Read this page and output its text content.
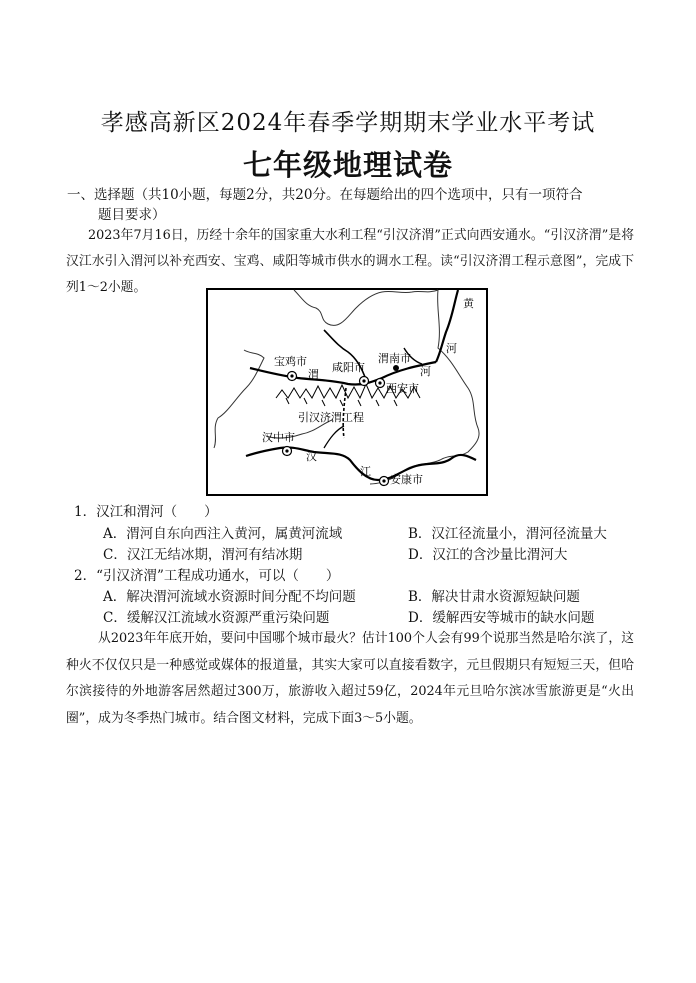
孝感高新区2024年春季学期期末学业水平考试
七年级地理试卷
一、选择题（共10小题，每题2分，共20分。在每题给出的四个选项中，只有一项符合
题目要求）
2023年7月16日，历经十余年的国家重大水利工程“引汉济渭”正式向西安通水。“引汉济渭”是将汉江水引入渭河以补充西安、宝鸡、咸阳等城市供水的调水工程。读“引汉济渭工程示意图”，完成下列1～2小题。
黄
河
宝鸡市
渭
咸阳市
渭南市
河
西安市
引汉济渭工程
汉中市
汉
江
安康市
1．汉江和渭河（　　）
A．渭河自东向西注入黄河，属黄河流域	B．汉江径流量小，渭河径流量大
C．汉江无结冰期，渭河有结冰期	D．汉江的含沙量比渭河大
2．“引汉济渭”工程成功通水，可以（　　）
A．解决渭河流域水资源时间分配不均问题	B．解决甘肃水资源短缺问题
C．缓解汉江流域水资源严重污染问题	D．缓解西安等城市的缺水问题
从2023年年底开始，要问中国哪个城市最火？估计100个人会有99个说那当然是哈尔滨了，这种火不仅仅只是一种感觉或媒体的报道量，其实大家可以直接看数字，元旦假期只有短短三天，但哈尔滨接待的外地游客居然超过300万，旅游收入超过59亿，2024年元旦哈尔滨冰雪旅游更是“火出圈”，成为冬季热门城市。结合图文材料，完成下面3～5小题。
